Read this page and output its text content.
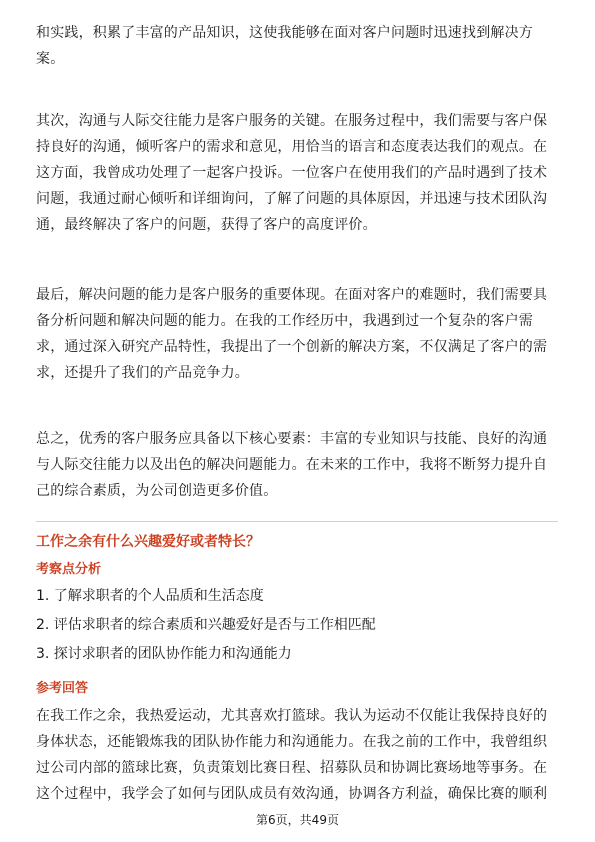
和实践，积累了丰富的产品知识，这使我能够在面对客户问题时迅速找到解决方
案。
其次，沟通与人际交往能力是客户服务的关键。在服务过程中，我们需要与客户保
持良好的沟通，倾听客户的需求和意见，用恰当的语言和态度表达我们的观点。在
这方面，我曾成功处理了一起客户投诉。一位客户在使用我们的产品时遇到了技术
问题，我通过耐心倾听和详细询问，了解了问题的具体原因，并迅速与技术团队沟
通，最终解决了客户的问题，获得了客户的高度评价。
最后，解决问题的能力是客户服务的重要体现。在面对客户的难题时，我们需要具
备分析问题和解决问题的能力。在我的工作经历中，我遇到过一个复杂的客户需
求，通过深入研究产品特性，我提出了一个创新的解决方案，不仅满足了客户的需
求，还提升了我们的产品竞争力。
总之，优秀的客户服务应具备以下核心要素：丰富的专业知识与技能、良好的沟通
与人际交往能力以及出色的解决问题能力。在未来的工作中，我将不断努力提升自
己的综合素质，为公司创造更多价值。
工作之余有什么兴趣爱好或者特长？
考察点分析
1. 了解求职者的个人品质和生活态度
2. 评估求职者的综合素质和兴趣爱好是否与工作相匹配
3. 探讨求职者的团队协作能力和沟通能力
参考回答
在我工作之余，我热爱运动，尤其喜欢打篮球。我认为运动不仅能让我保持良好的
身体状态，还能锻炼我的团队协作能力和沟通能力。在我之前的工作中，我曾组织
过公司内部的篮球比赛，负责策划比赛日程、招募队员和协调比赛场地等事务。在
这个过程中，我学会了如何与团队成员有效沟通，协调各方利益，确保比赛的顺利
第6页，共49页
